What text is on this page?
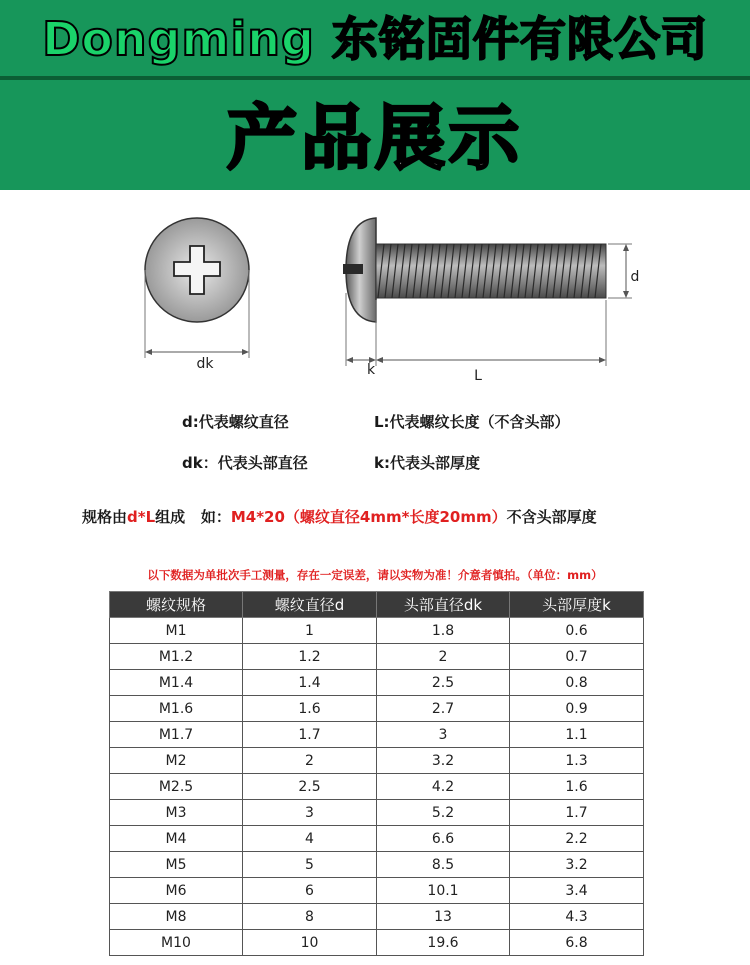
Dongming 东铭固件有限公司
产品展示
dk
d
k	L
d:代表螺纹直径	L:代表螺纹长度（不含头部）
dk：代表头部直径	k:代表头部厚度
规格由d*L组成   如：M4*20（螺纹直径4mm*长度20mm）不含头部厚度
以下数据为单批次手工测量，存在一定误差，请以实物为准！介意者慎拍。（单位：mm）
螺纹规格	螺纹直径d	头部直径dk	头部厚度k
M1	1	1.8	0.6
M1.2	1.2	2	0.7
M1.4	1.4	2.5	0.8
M1.6	1.6	2.7	0.9
M1.7	1.7	3	1.1
M2	2	3.2	1.3
M2.5	2.5	4.2	1.6
M3	3	5.2	1.7
M4	4	6.6	2.2
M5	5	8.5	3.2
M6	6	10.1	3.4
M8	8	13	4.3
M10	10	19.6	6.8
